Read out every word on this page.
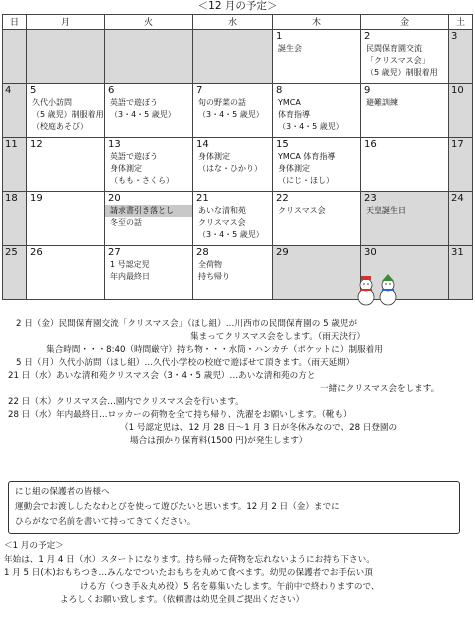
＜12 月の予定＞
日	月	火	水	木	金	土

				1
誕生会	2
民間保育園交流
「クリスマス会」
（5 歳児）制服着用	3

4	5
久代小訪問
（5 歳児）制服着用
（校庭あそび）	6
英語で遊ぼう
（3・4・5 歳児）	7
旬の野菜の話
（3・4・5 歳児）	8
YMCA
体育指導
（3・4・5 歳児）	9
避難訓練	10

11	12	13
英語で遊ぼう
身体測定
（もも・さくら）	14
身体測定
（はな・ひかり）	15
YMCA 体育指導
身体測定
（にじ・ほし）	16	17

18	19	20
請求書引き落とし
冬至の話	21
あいな清和苑
クリスマス会
（3・4・5 歳児）	22
クリスマス会	23
天皇誕生日	24

25	26	27
1 号認定児
年内最終日	28
全荷物
持ち帰り	29	30	31
2 日（金）民間保育園交流「クリスマス会」（ほし組）…川西市の民間保育園の 5 歳児が
集まってクリスマス会をします。（雨天決行）
集合時間・・・8:40（時間厳守）持ち物・・・水筒・ハンカチ（ポケットに）制服着用
5 日（月）久代小訪問（ほし組）…久代小学校の校庭で遊ばせて頂きます。（雨天延期）
21 日（水）あいな清和苑クリスマス会（3・4・5 歳児）…あいな清和苑の方と
一緒にクリスマス会をします。
22 日（木）クリスマス会…園内でクリスマス会を行います。
28 日（水）年内最終日…ロッカーの荷物を全て持ち帰り、洗濯をお願いします。（靴も）
（1 号認定児は、12 月 28 日〜1 月 3 日が冬休みなので、28 日登園の
場合は預かり保育料(1500 円)が発生します）
にじ組の保護者の皆様へ
運動会でお渡ししたなわとびを使って遊びたいと思います。12 月 2 日（金）までに
ひらがなで名前を書いて持ってきてください。
＜1 月の予定＞
年始は、1 月 4 日（水）スタートになります。持ち帰った荷物を忘れないようにお持ち下さい。
1 月 5 日(木)おもちつき…みんなでついたおもちを丸めて食べます。幼児の保護者でお手伝い頂
ける方（つき手＆丸め役）5 名を募集いたします。午前中で終わりますので、
よろしくお願い致します。（依頼書は幼児全員ご提出ください）
